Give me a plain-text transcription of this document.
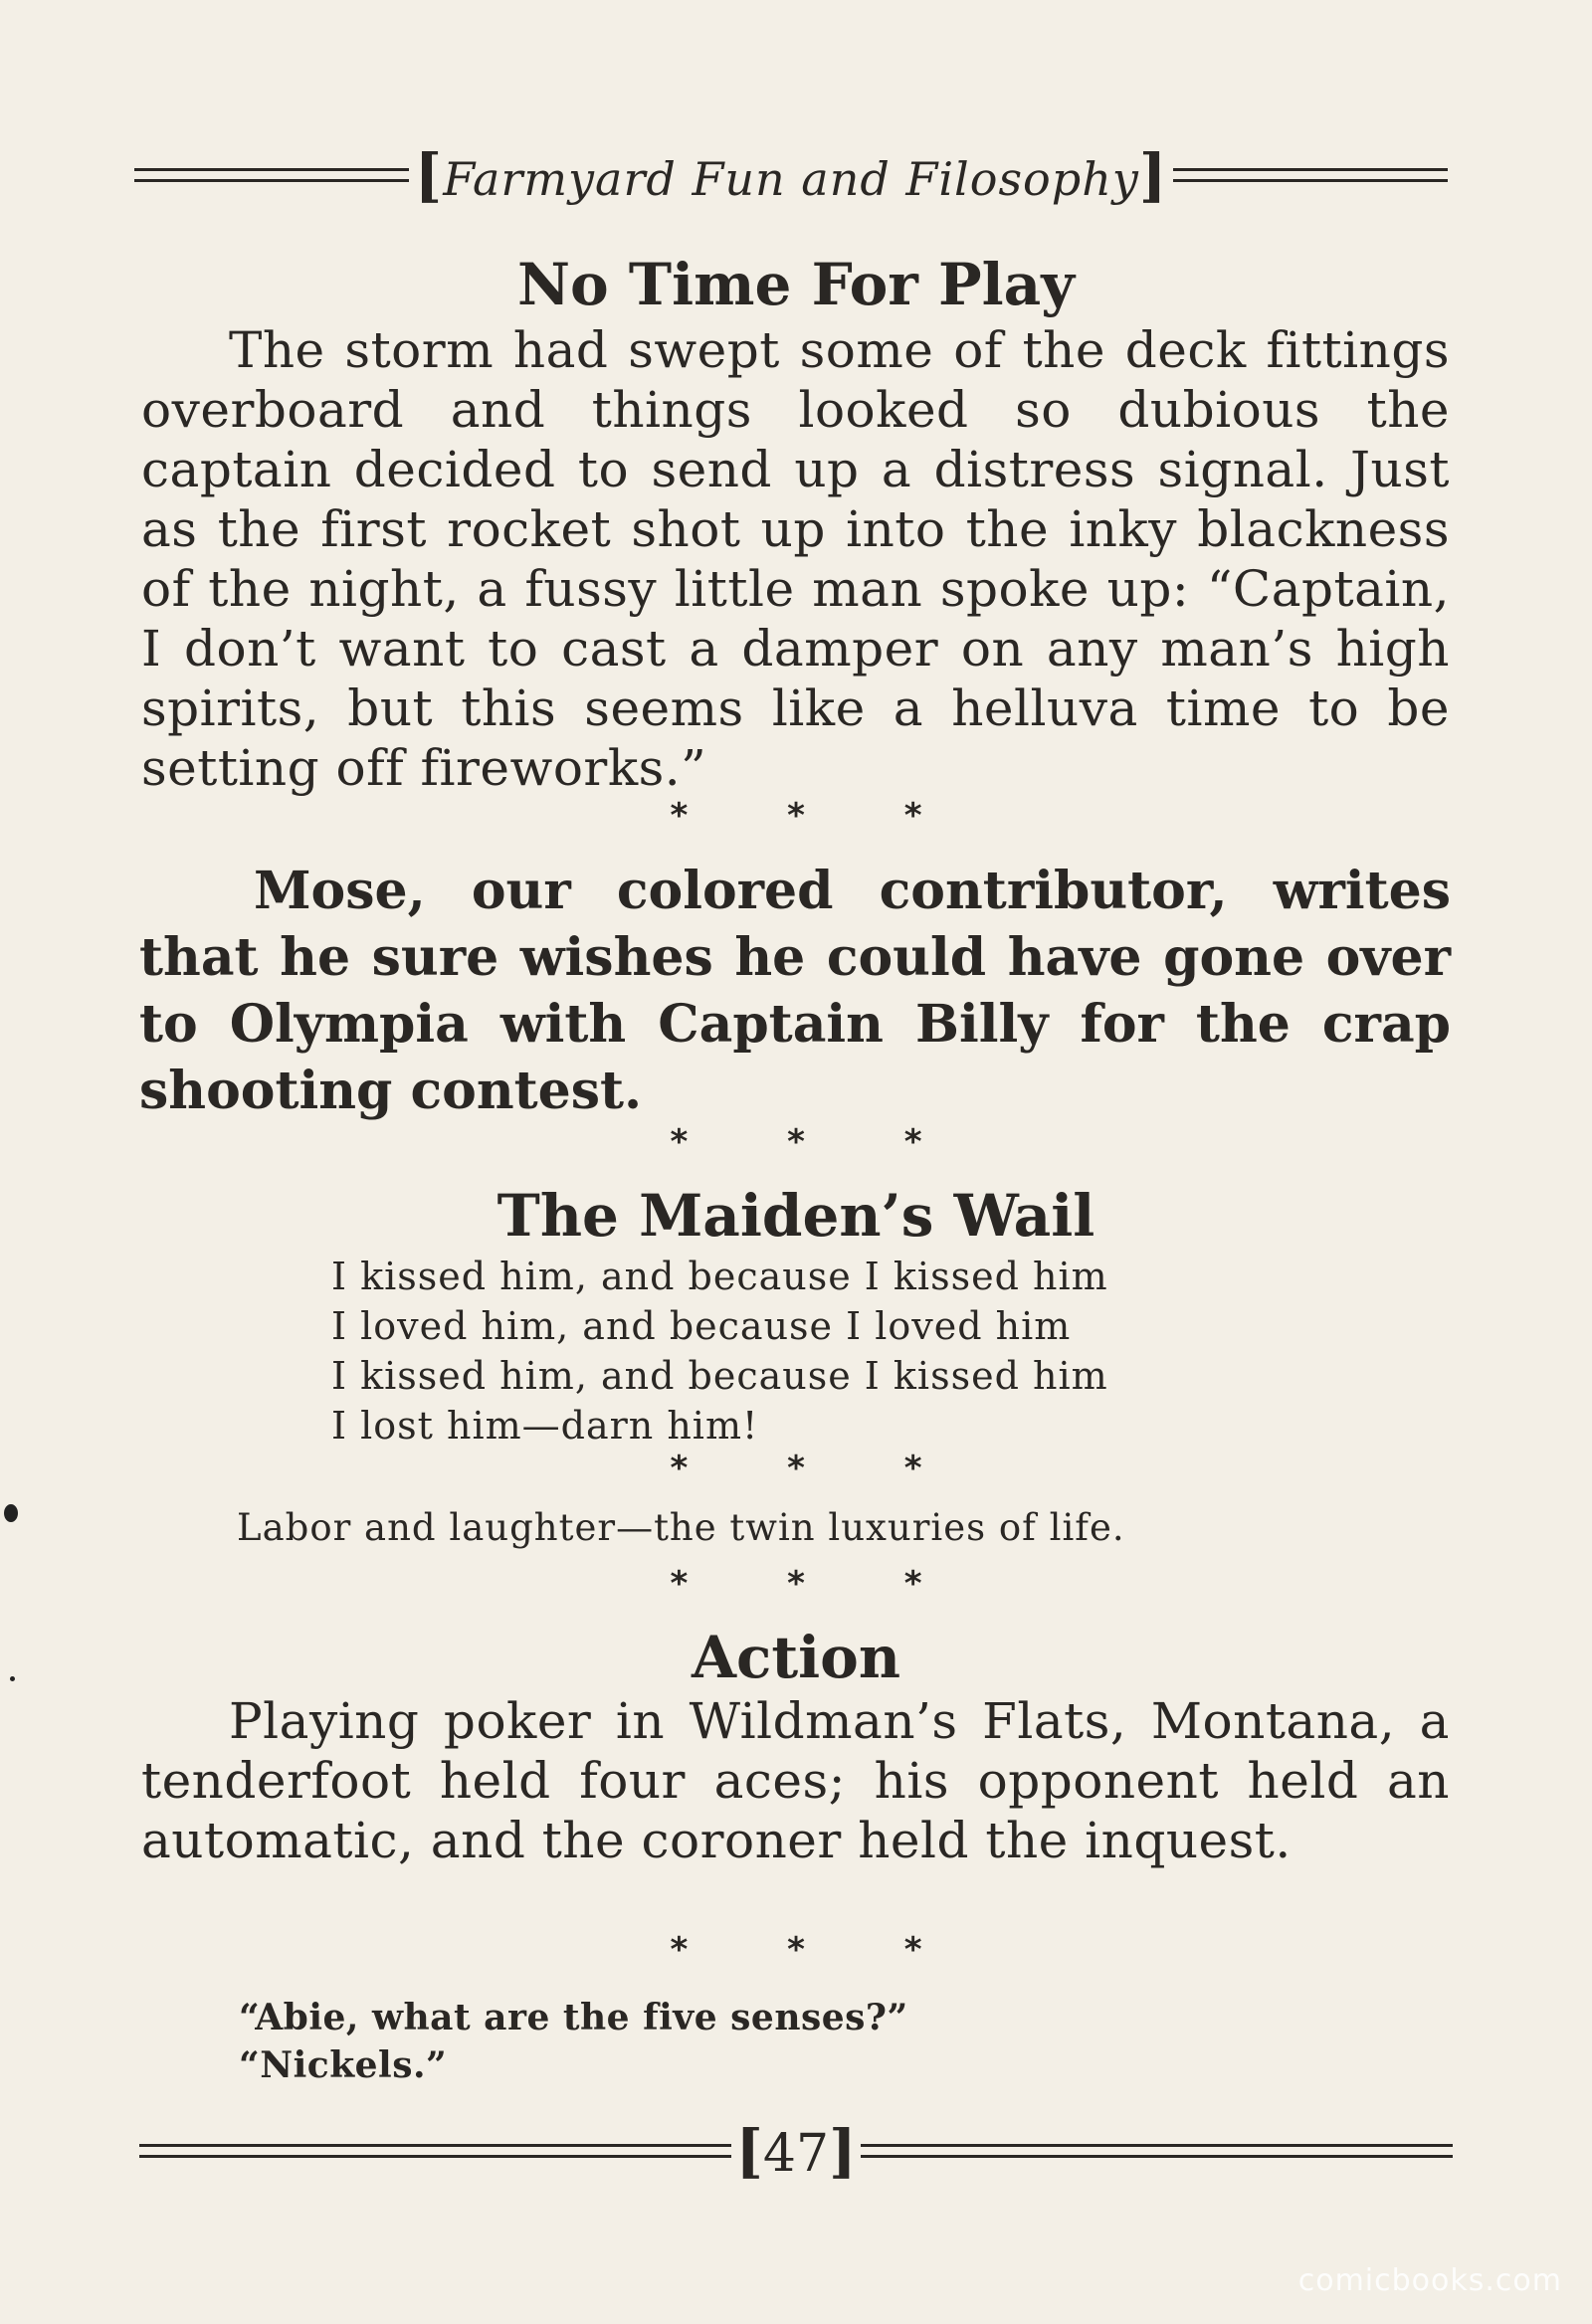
[Farmyard Fun and Filosophy]
No Time For Play

The storm had swept some of the deck fittings overboard and things looked so dubious the captain decided to send up a distress signal. Just as the first rocket shot up into the inky blackness of the night, a fussy little man spoke up: “Captain, I don’t want to cast a damper on any man’s high spirits, but this seems like a helluva time to be setting off fireworks.”

* * *

Mose, our colored contributor, writes that he sure wishes he could have gone over to Olympia with Captain Billy for the crap shooting contest.

* * *
The Maiden’s Wail
I kissed him, and because I kissed him
I loved him, and because I loved him
I kissed him, and because I kissed him
I lost him—darn him!
* * *

Labor and laughter—the twin luxuries of life.

* * *
Action

Playing poker in Wildman’s Flats, Montana, a tenderfoot held four aces; his opponent held an automatic, and the coroner held the inquest.

* * *
“Abie, what are the five senses?”
“Nickels.”
[47]
comicbooks.com
